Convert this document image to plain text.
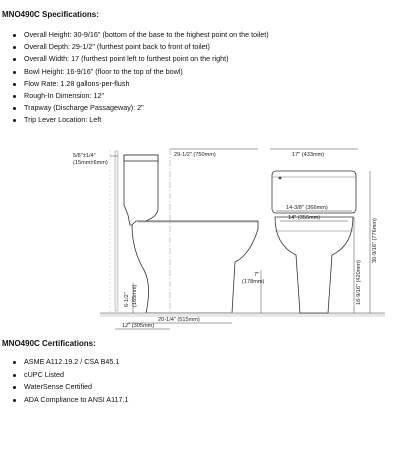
MNO490C Specifications:
Overall Height: 30-9/16" (bottom of the base to the highest point on the toilet)
Overall Depth: 29-1/2" (furthest point back to front of toilet)
Overall Width: 17 (furthest point left to furthest point on the right)
Bowl Height: 16-9/16" (floor to the top of the bowl)
Flow Rate: 1.28 gallons-per-flush
Rough-In Dimension: 12"
Trapway (Discharge Passageway): 2"
Trip Lever Location: Left
5/8"±1/4"
(15mm±6mm)
29-1/2" (750mm)	17" (433mm)
14-3/8" (366mm)
14" (356mm)
30-9/16" (776mm)
16-9/16" (420mm)
7"
(178mm)
6-1/2" (165mm)
20-1/4" (515mm)
12" (305mm)
MNO490C Certifications:
ASME A112.19.2 / CSA B45.1
cUPC Listed
WaterSense Certified
ADA Compliance to ANSI A117.1
